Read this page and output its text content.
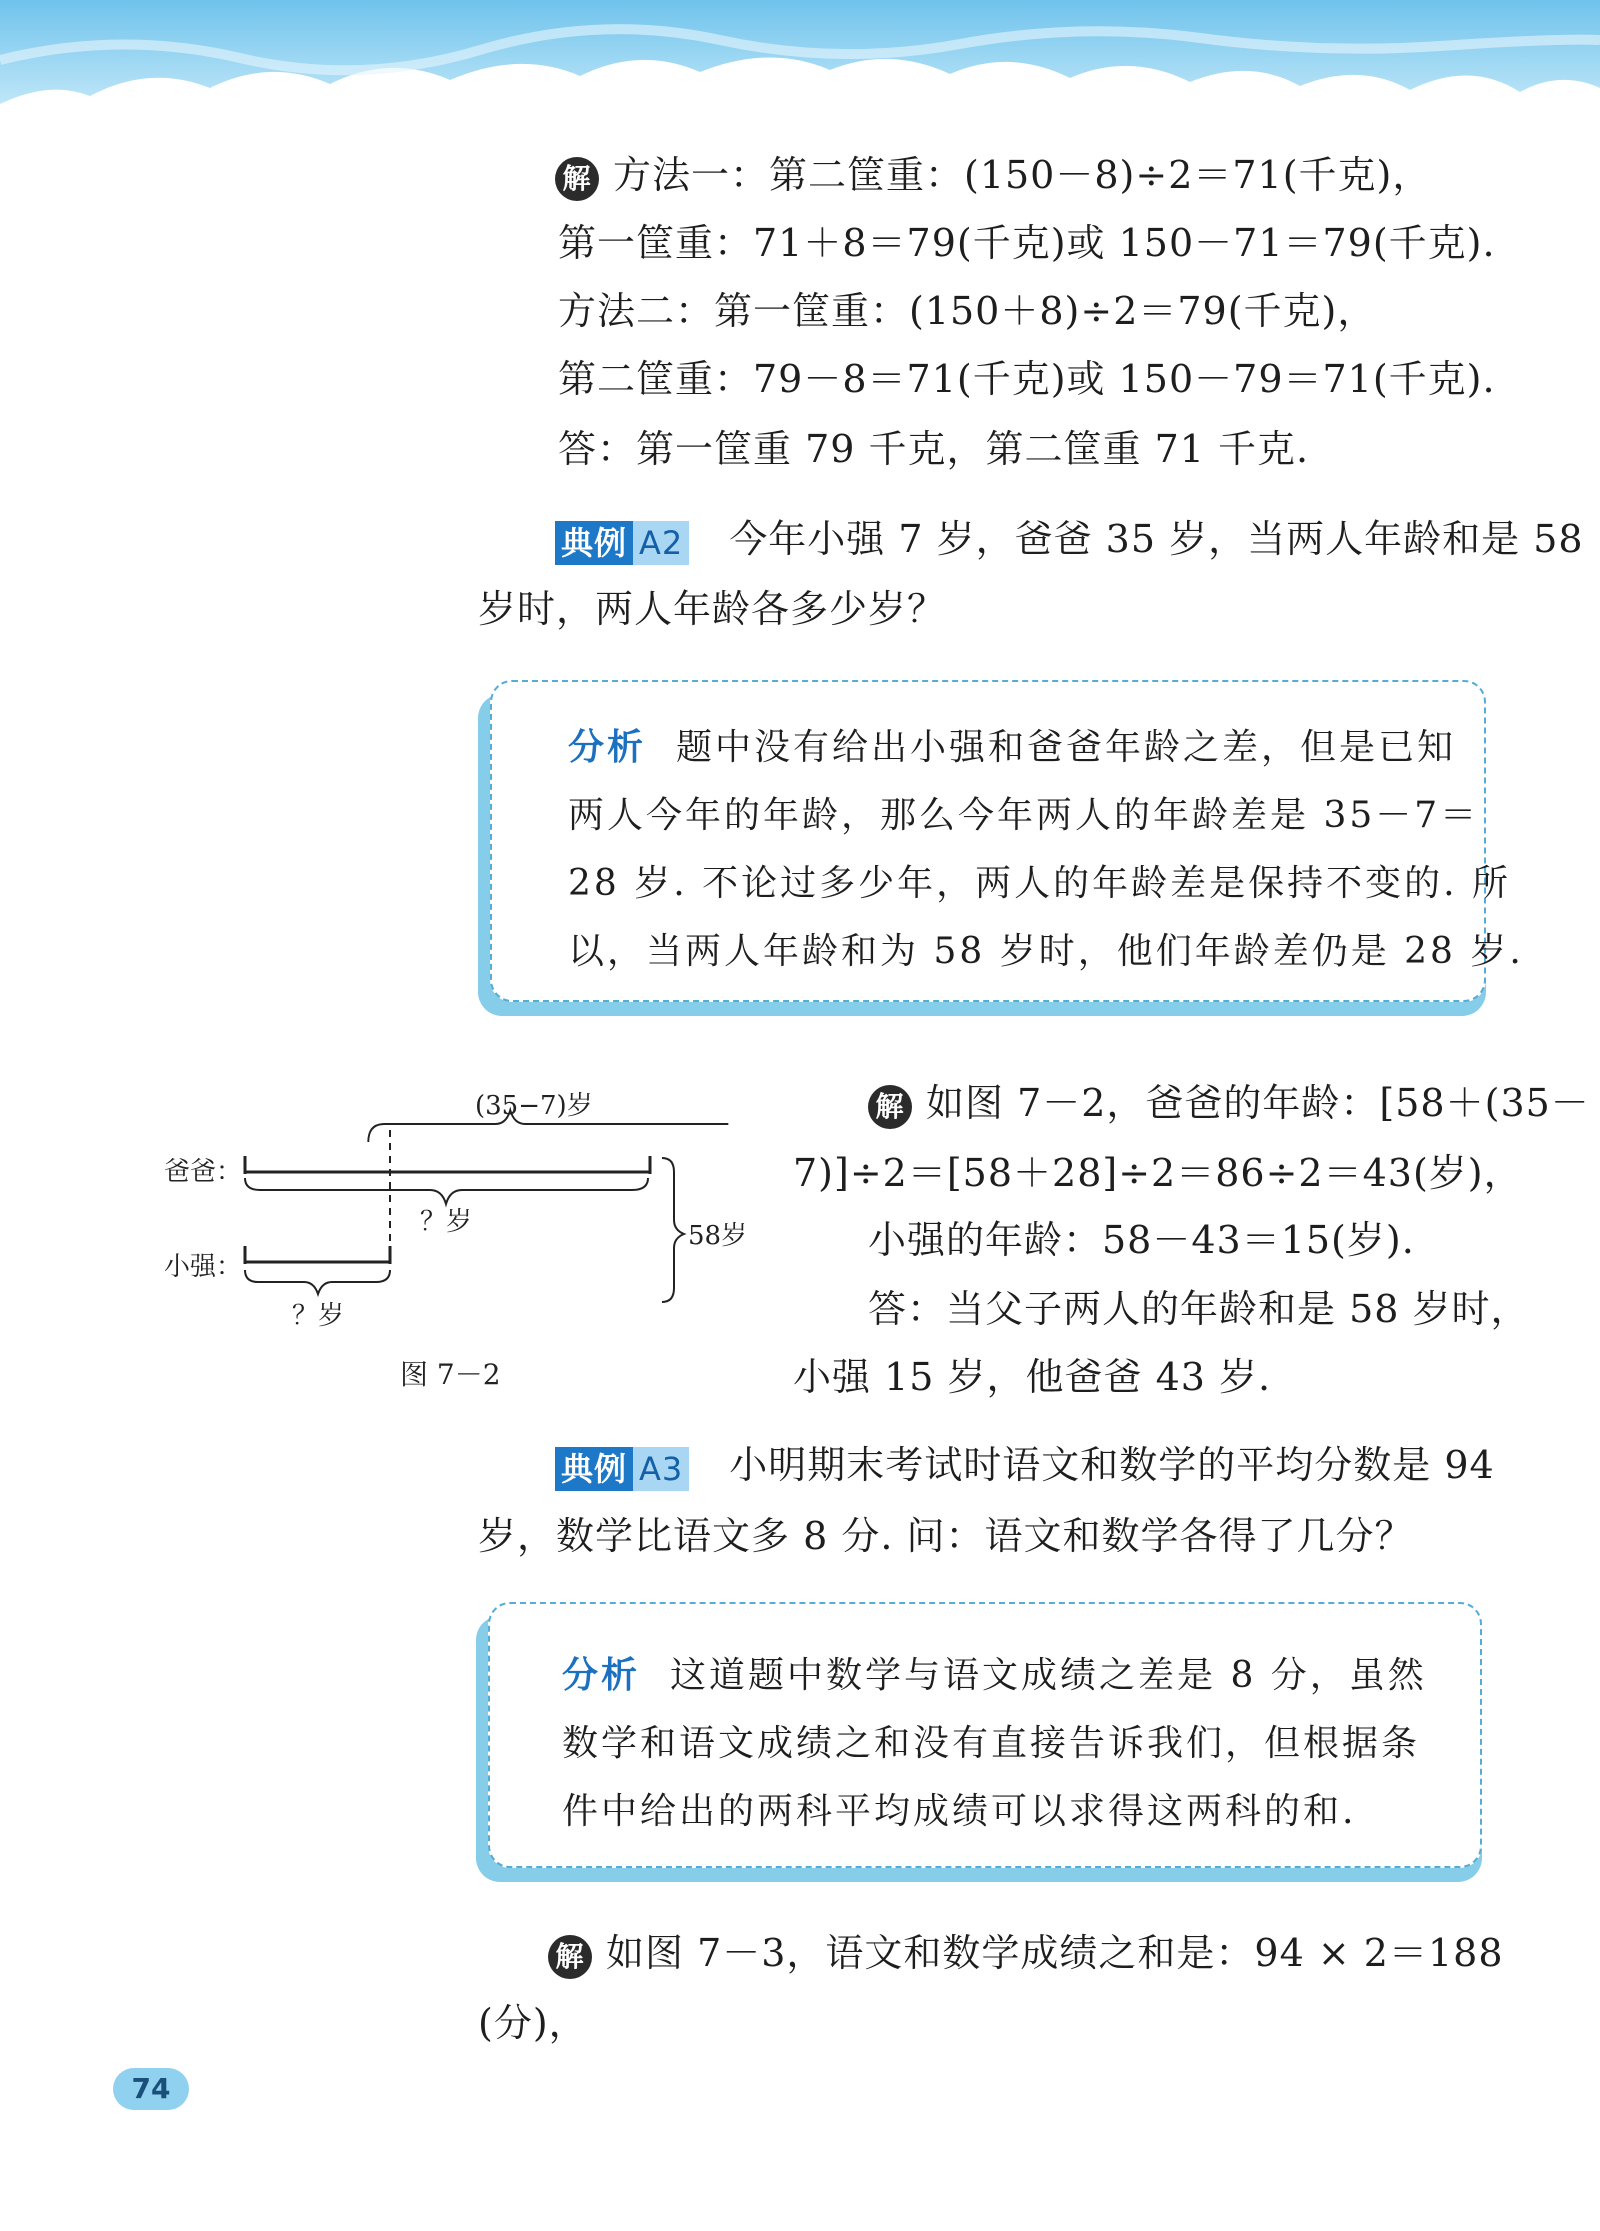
解 方法一：第二筐重：(150－8)÷2＝71(千克)，
第一筐重：71＋8＝79(千克)或 150－71＝79(千克).
方法二：第一筐重：(150＋8)÷2＝79(千克)，
第二筐重：79－8＝71(千克)或 150－79＝71(千克).
答：第一筐重 79 千克，第二筐重 71 千克.
典例 A2 今年小强 7 岁，爸爸 35 岁，当两人年龄和是 58
岁时，两人年龄各多少岁？
分析 题中没有给出小强和爸爸年龄之差，但是已知
两人今年的年龄，那么今年两人的年龄差是 35－7＝
28 岁. 不论过多少年，两人的年龄差是保持不变的. 所
以，当两人年龄和为 58 岁时，他们年龄差仍是 28 岁.
(35−7)岁
爸爸：
？岁
小强：
？岁
58岁
图 7－2
解 如图 7－2，爸爸的年龄：[58＋(35－
7)]÷2＝[58＋28]÷2＝86÷2＝43(岁)，
小强的年龄：58－43＝15(岁).
答：当父子两人的年龄和是 58 岁时，
小强 15 岁，他爸爸 43 岁.
典例 A3 小明期末考试时语文和数学的平均分数是 94
岁，数学比语文多 8 分. 问：语文和数学各得了几分？
分析 这道题中数学与语文成绩之差是 8 分，虽然
数学和语文成绩之和没有直接告诉我们，但根据条
件中给出的两科平均成绩可以求得这两科的和.
解 如图 7－3，语文和数学成绩之和是：94 × 2＝188
(分)，
74
